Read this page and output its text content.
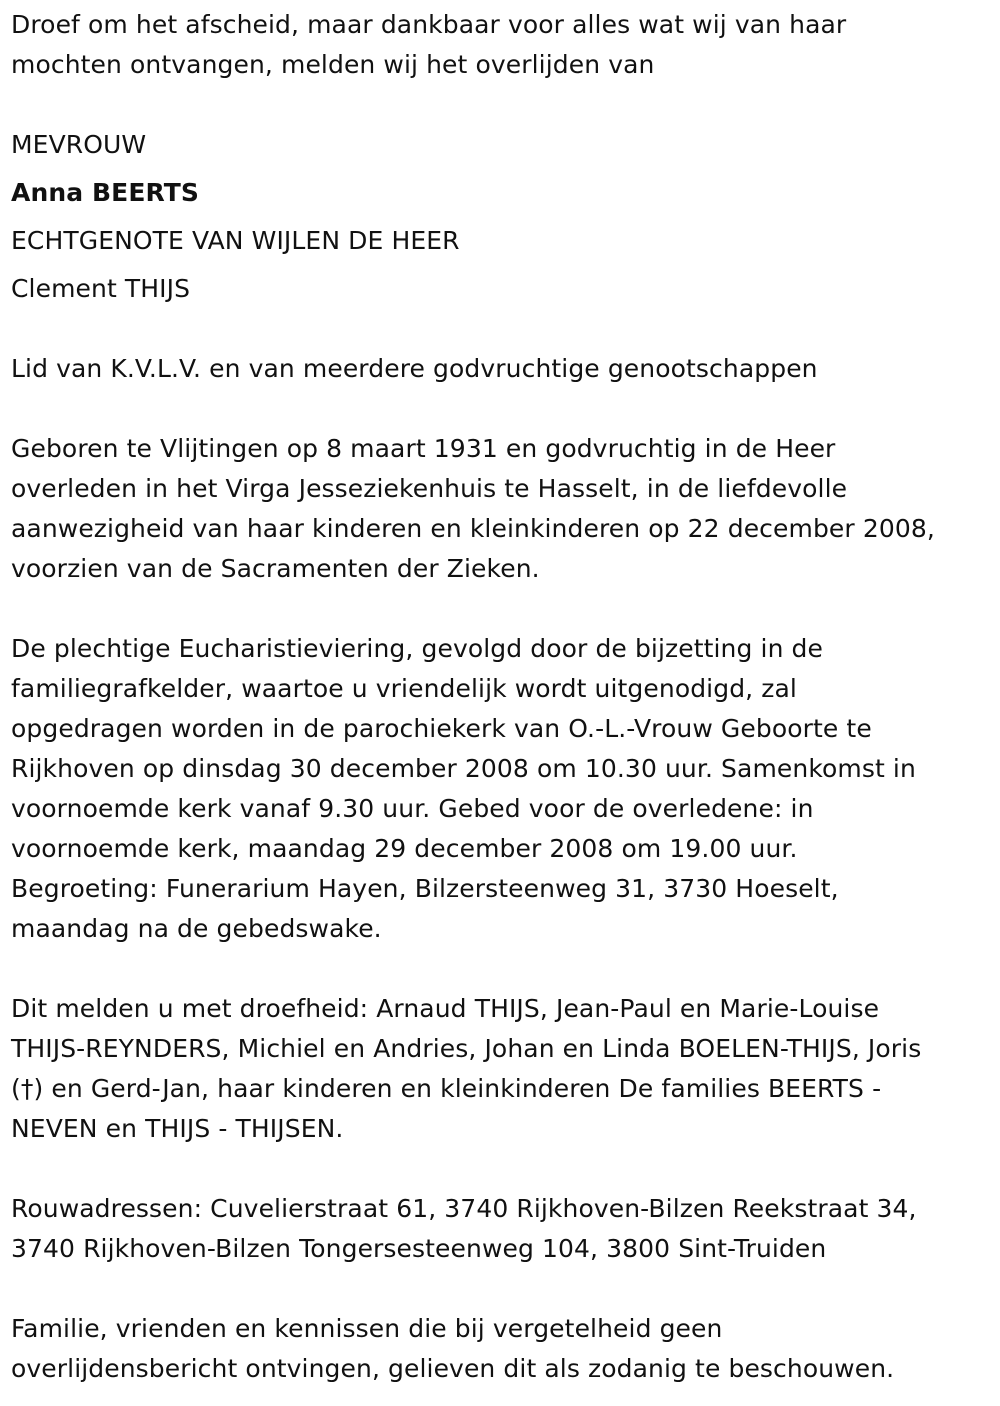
Droef om het afscheid, maar dankbaar voor alles wat wij van haar
mochten ontvangen, melden wij het overlijden van
MEVROUW
Anna BEERTS
ECHTGENOTE VAN WIJLEN DE HEER
Clement THIJS
Lid van K.V.L.V. en van meerdere godvruchtige genootschappen
Geboren te Vlijtingen op 8 maart 1931 en godvruchtig in de Heer
overleden in het Virga Jesseziekenhuis te Hasselt, in de liefdevolle
aanwezigheid van haar kinderen en kleinkinderen op 22 december 2008,
voorzien van de Sacramenten der Zieken.
De plechtige Eucharistieviering, gevolgd door de bijzetting in de
familiegrafkelder, waartoe u vriendelijk wordt uitgenodigd, zal
opgedragen worden in de parochiekerk van O.-L.-Vrouw Geboorte te
Rijkhoven op dinsdag 30 december 2008 om 10.30 uur. Samenkomst in
voornoemde kerk vanaf 9.30 uur. Gebed voor de overledene: in
voornoemde kerk, maandag 29 december 2008 om 19.00 uur.
Begroeting: Funerarium Hayen, Bilzersteenweg 31, 3730 Hoeselt,
maandag na de gebedswake.
Dit melden u met droefheid: Arnaud THIJS, Jean-Paul en Marie-Louise
THIJS-REYNDERS, Michiel en Andries, Johan en Linda BOELEN-THIJS, Joris
(†) en Gerd-Jan, haar kinderen en kleinkinderen De families BEERTS -
NEVEN en THIJS - THIJSEN.
Rouwadressen: Cuvelierstraat 61, 3740 Rijkhoven-Bilzen Reekstraat 34,
3740 Rijkhoven-Bilzen Tongersesteenweg 104, 3800 Sint-Truiden
Familie, vrienden en kennissen die bij vergetelheid geen
overlijdensbericht ontvingen, gelieven dit als zodanig te beschouwen.
